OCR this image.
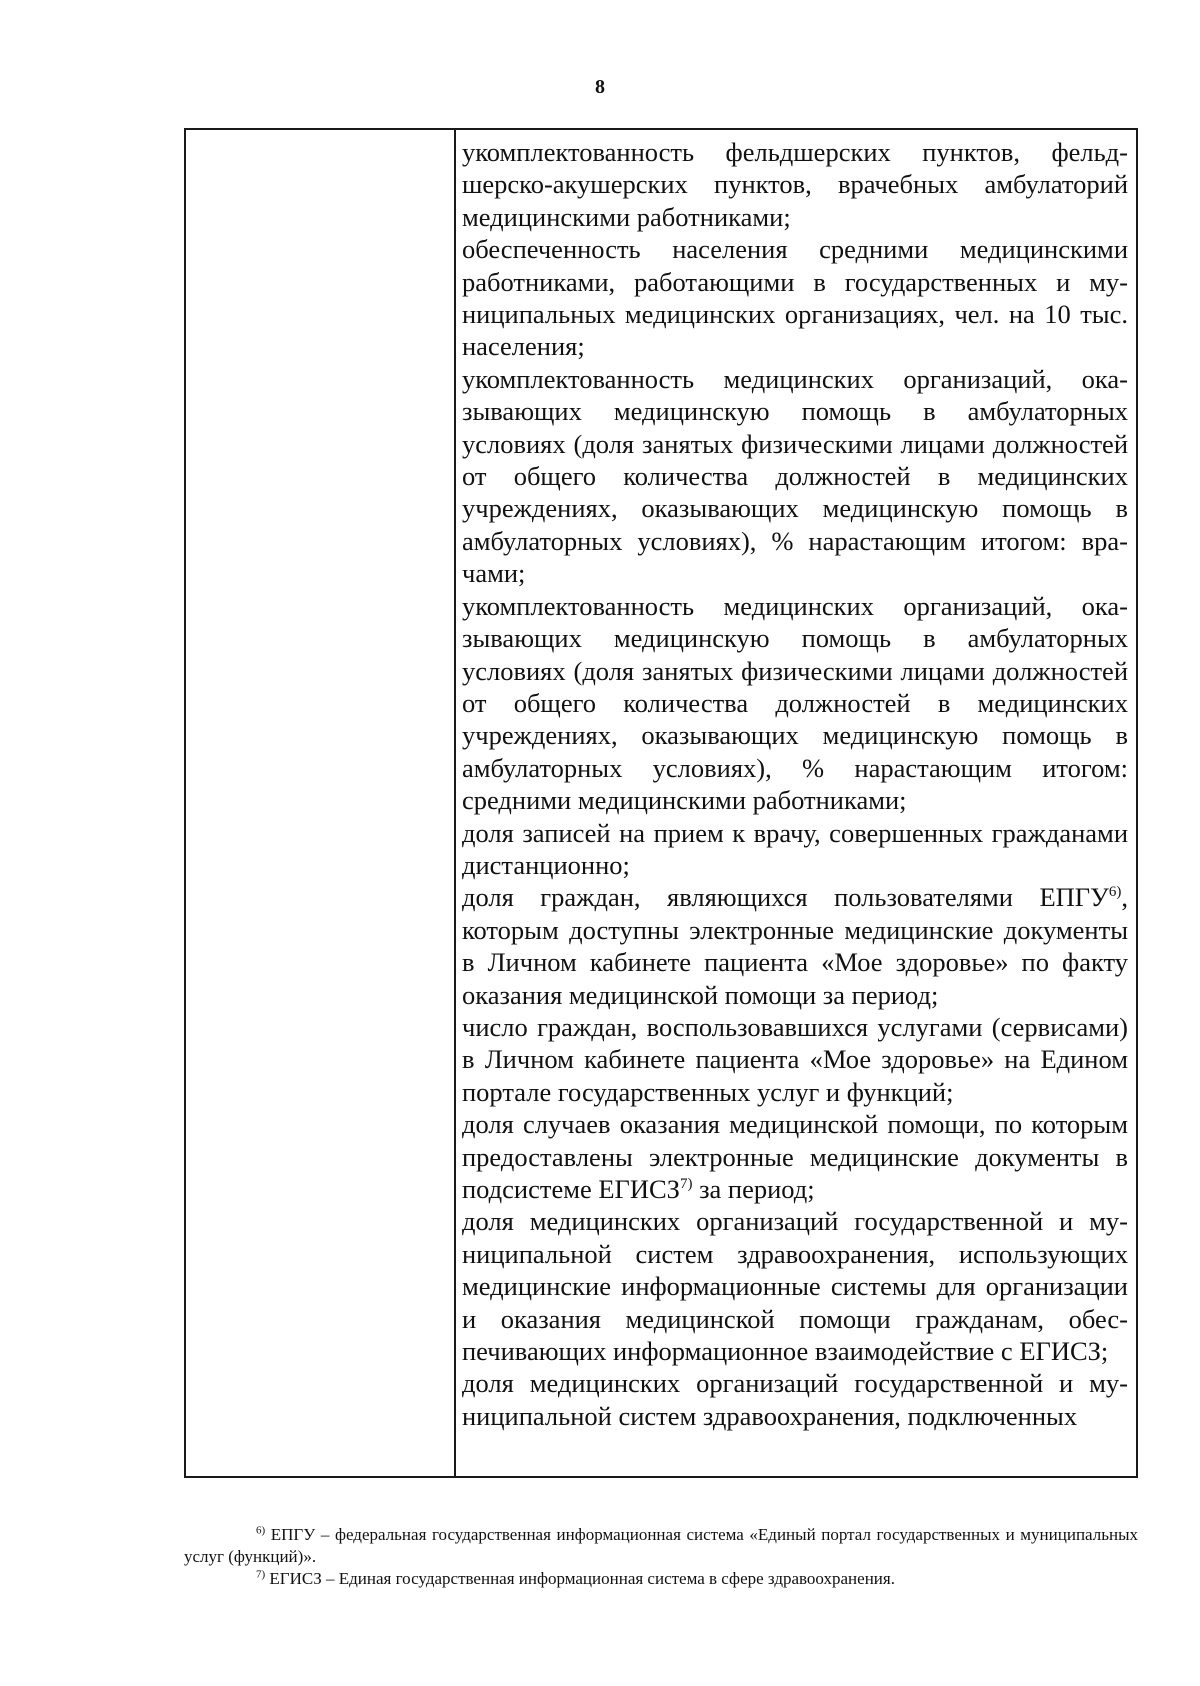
8

укомплектованность фельдшерских пунктов, фельдшерско-акушерских пунктов, врачебных амбулаторий медицинскими работниками;

обеспеченность населения средними медицинскими работниками, работающими в государственных и муниципальных медицинских организациях, чел. на 10 тыс. населения;

укомплектованность медицинских организаций, оказывающих медицинскую помощь в амбулаторных условиях (доля занятых физическими лицами должностей от общего количества должностей в медицинских учреждениях, оказывающих медицинскую помощь в амбулаторных условиях), % нарастающим итогом: врачами;

укомплектованность медицинских организаций, оказывающих медицинскую помощь в амбулаторных условиях (доля занятых физическими лицами должностей от общего количества должностей в медицинских учреждениях, оказывающих медицинскую помощь в амбулаторных условиях), % нарастающим итогом: средними медицинскими работниками;

доля записей на прием к врачу, совершенных гражданами дистанционно;

доля граждан, являющихся пользователями ЕПГУ$^{6)}$, которым доступны электронные медицинские документы в Личном кабинете пациента «Мое здоровье» по факту оказания медицинской помощи за период;

число граждан, воспользовавшихся услугами (сервисами) в Личном кабинете пациента «Мое здоровье» на Едином портале государственных услуг и функций;

доля случаев оказания медицинской помощи, по которым предоставлены электронные медицинские документы в подсистеме ЕГИСЗ$^{7)}$ за период;

доля медицинских организаций государственной и муниципальной систем здравоохранения, использующих медицинские информационные системы для организации и оказания медицинской помощи гражданам, обеспечивающих информационное взаимодействие с ЕГИСЗ;

доля медицинских организаций государственной и муниципальной систем здравоохранения, подключенных

$^{6)}$ ЕПГУ – федеральная государственная информационная система «Единый портал государственных и муниципальных услуг (функций)».

$^{7)}$ ЕГИСЗ – Единая государственная информационная система в сфере здравоохранения.
